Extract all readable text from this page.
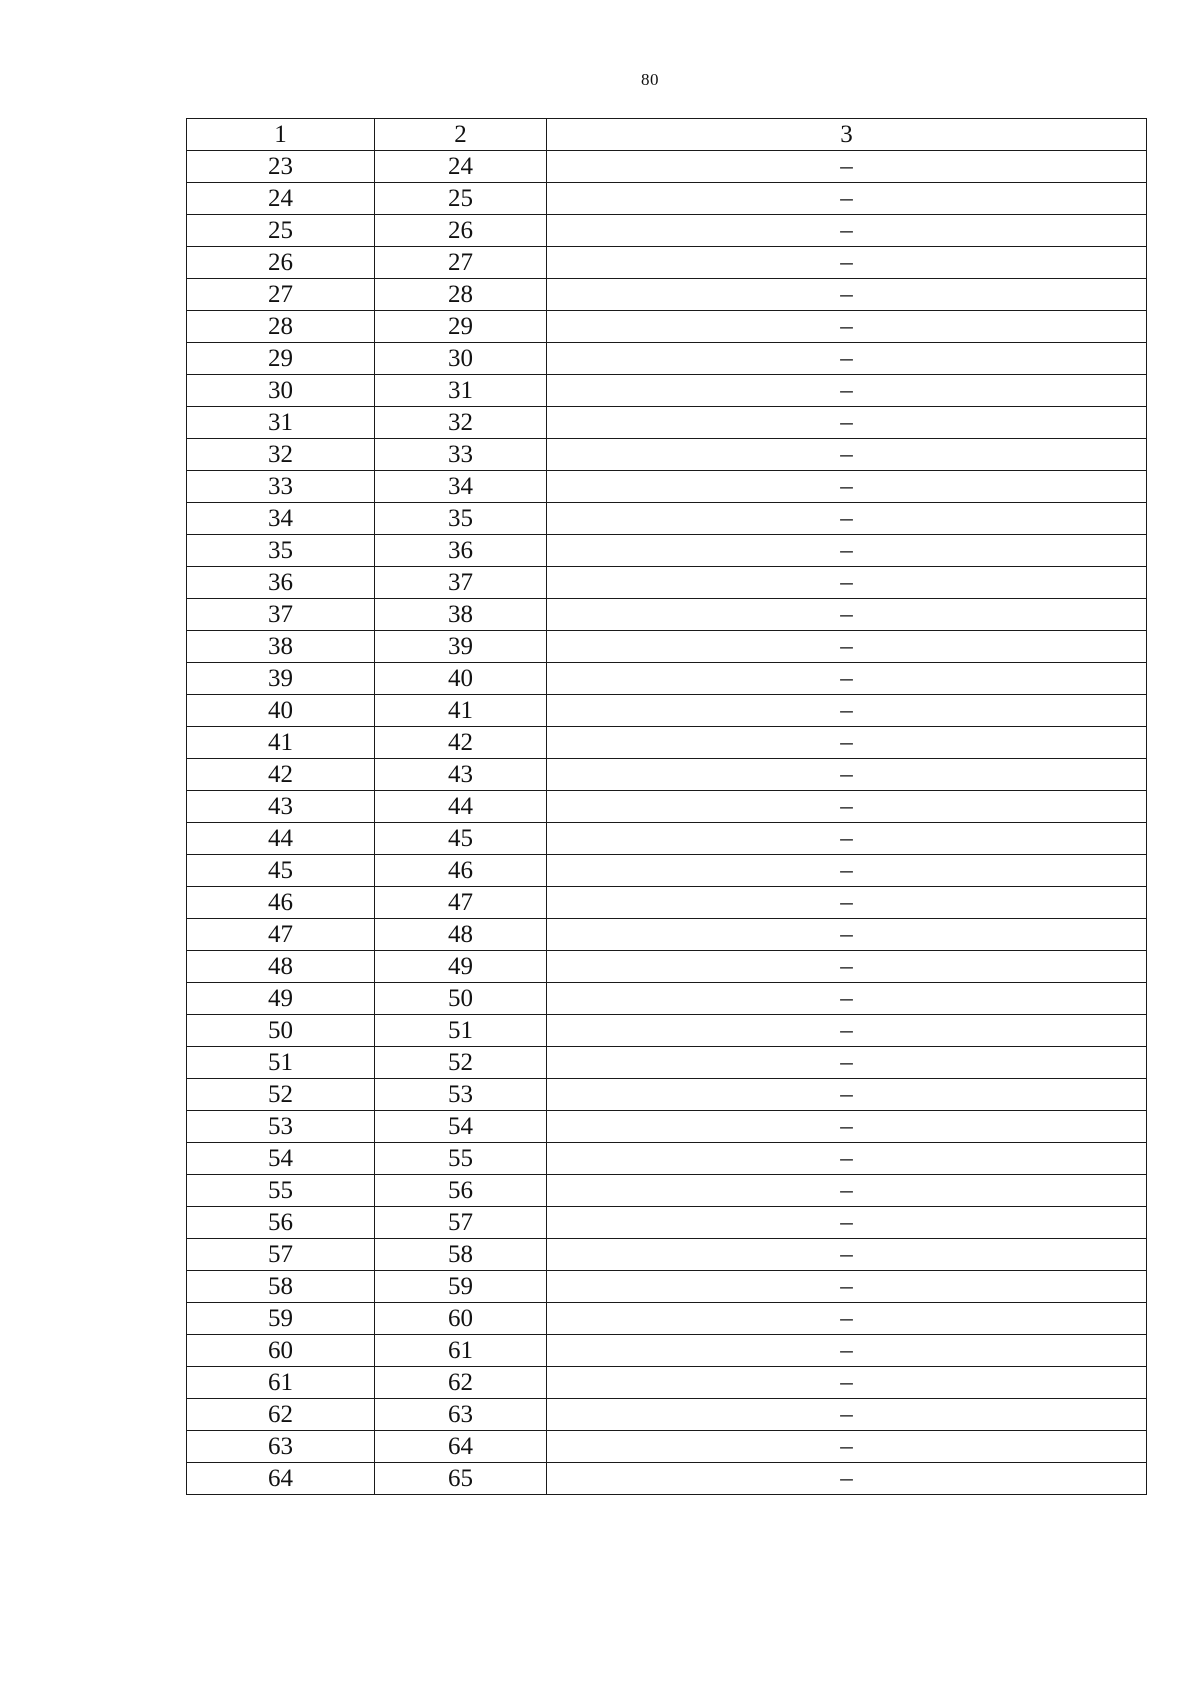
80
1	2	3
23	24	–
24	25	–
25	26	–
26	27	–
27	28	–
28	29	–
29	30	–
30	31	–
31	32	–
32	33	–
33	34	–
34	35	–
35	36	–
36	37	–
37	38	–
38	39	–
39	40	–
40	41	–
41	42	–
42	43	–
43	44	–
44	45	–
45	46	–
46	47	–
47	48	–
48	49	–
49	50	–
50	51	–
51	52	–
52	53	–
53	54	–
54	55	–
55	56	–
56	57	–
57	58	–
58	59	–
59	60	–
60	61	–
61	62	–
62	63	–
63	64	–
64	65	–
